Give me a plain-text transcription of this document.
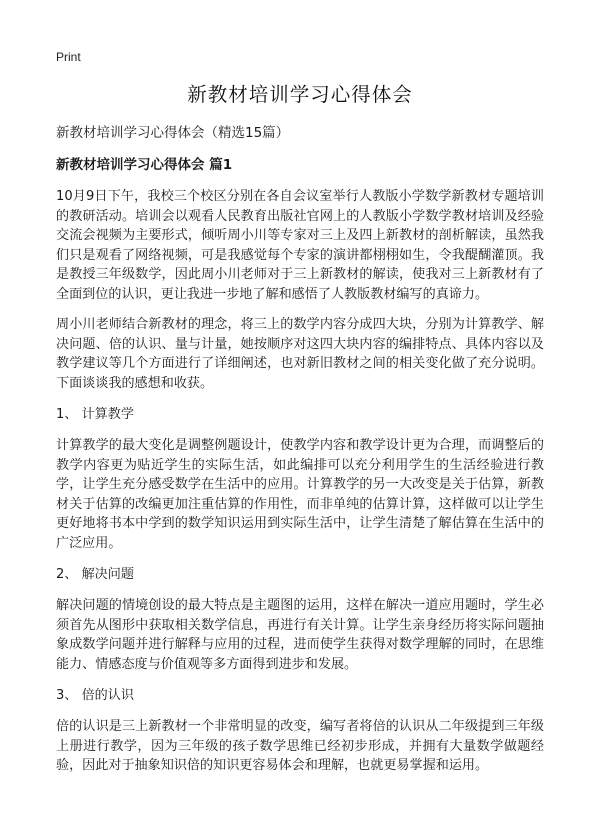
Print
新教材培训学习心得体会
新教材培训学习心得体会（精选15篇）
新教材培训学习心得体会 篇1

10月9日下午，我校三个校区分别在各自会议室举行人教版小学数学新教材专题培训的教研活动。培训会以观看人民教育出版社官网上的人教版小学数学教材培训及经验交流会视频为主要形式，倾听周小川等专家对三上及四上新教材的剖析解读，虽然我们只是观看了网络视频，可是我感觉每个专家的演讲都栩栩如生，令我醍醐灌顶。我是教授三年级数学，因此周小川老师对于三上新教材的解读，使我对三上新教材有了全面到位的认识，更让我进一步地了解和感悟了人教版教材编写的真谛力。

周小川老师结合新教材的理念，将三上的数学内容分成四大块，分别为计算教学、解决问题、倍的认识、量与计量，她按顺序对这四大块内容的编排特点、具体内容以及教学建议等几个方面进行了详细阐述，也对新旧教材之间的相关变化做了充分说明。下面谈谈我的感想和收获。

1、 计算教学

计算教学的最大变化是调整例题设计，使教学内容和教学设计更为合理，而调整后的教学内容更为贴近学生的实际生活，如此编排可以充分利用学生的生活经验进行教学，让学生充分感受数学在生活中的应用。计算教学的另一大改变是关于估算，新教材关于估算的改编更加注重估算的作用性，而非单纯的估算计算，这样做可以让学生更好地将书本中学到的数学知识运用到实际生活中，让学生清楚了解估算在生活中的广泛应用。

2、 解决问题

解决问题的情境创设的最大特点是主题图的运用，这样在解决一道应用题时，学生必须首先从图形中获取相关数学信息，再进行有关计算。让学生亲身经历将实际问题抽象成数学问题并进行解释与应用的过程，进而使学生获得对数学理解的同时，在思维能力、情感态度与价值观等多方面得到进步和发展。

3、 倍的认识

倍的认识是三上新教材一个非常明显的改变，编写者将倍的认识从二年级提到三年级上册进行教学，因为三年级的孩子数学思维已经初步形成，并拥有大量数学做题经验，因此对于抽象知识倍的知识更容易体会和理解，也就更易掌握和运用。
